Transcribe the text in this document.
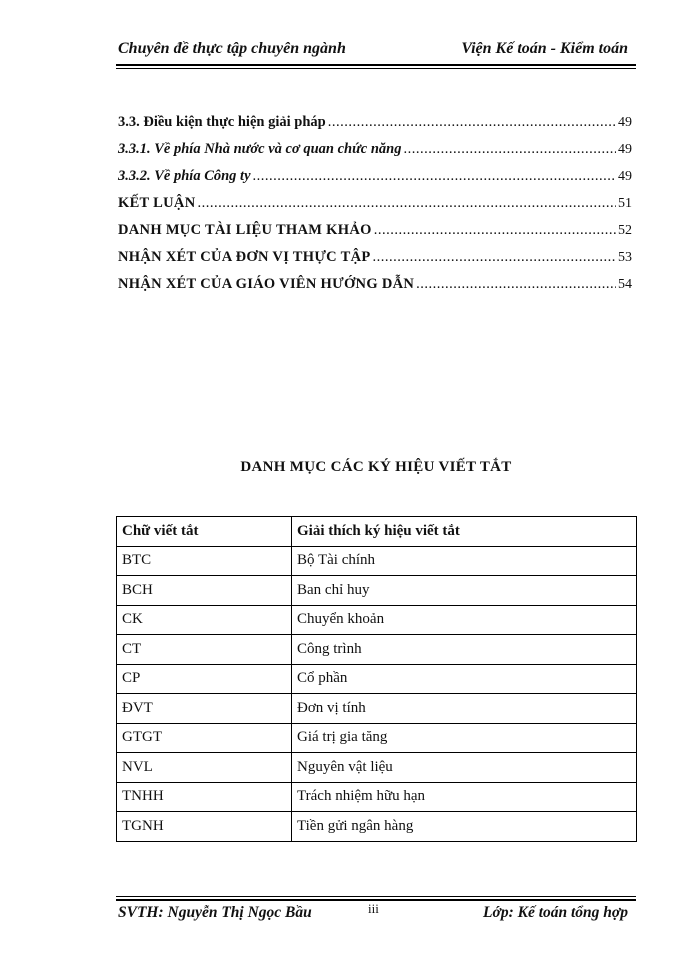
Chuyên đề thực tập chuyên ngành	Viện Kế toán - Kiểm toán
3.3. Điều kiện thực hiện giải pháp .....	49
3.3.1. Về phía Nhà nước và cơ quan chức năng .....	49
3.3.2. Về phía Công ty .....	49
KẾT LUẬN .....	51
DANH MỤC TÀI LIỆU THAM KHẢO .....	52
NHẬN XÉT CỦA ĐƠN VỊ THỰC TẬP .....	53
NHẬN XÉT CỦA GIÁO VIÊN HƯỚNG DẪN .....	54
DANH MỤC CÁC KÝ HIỆU VIẾT TẮT
Chữ viết tắt	Giải thích ký hiệu viết tắt
BTC	Bộ Tài chính
BCH	Ban chỉ huy
CK	Chuyển khoản
CT	Công trình
CP	Cổ phần
ĐVT	Đơn vị tính
GTGT	Giá trị gia tăng
NVL	Nguyên vật liệu
TNHH	Trách nhiệm hữu hạn
TGNH	Tiền gửi ngân hàng
SVTH: Nguyễn Thị Ngọc Bầu	iii	Lớp: Kế toán tổng hợp
